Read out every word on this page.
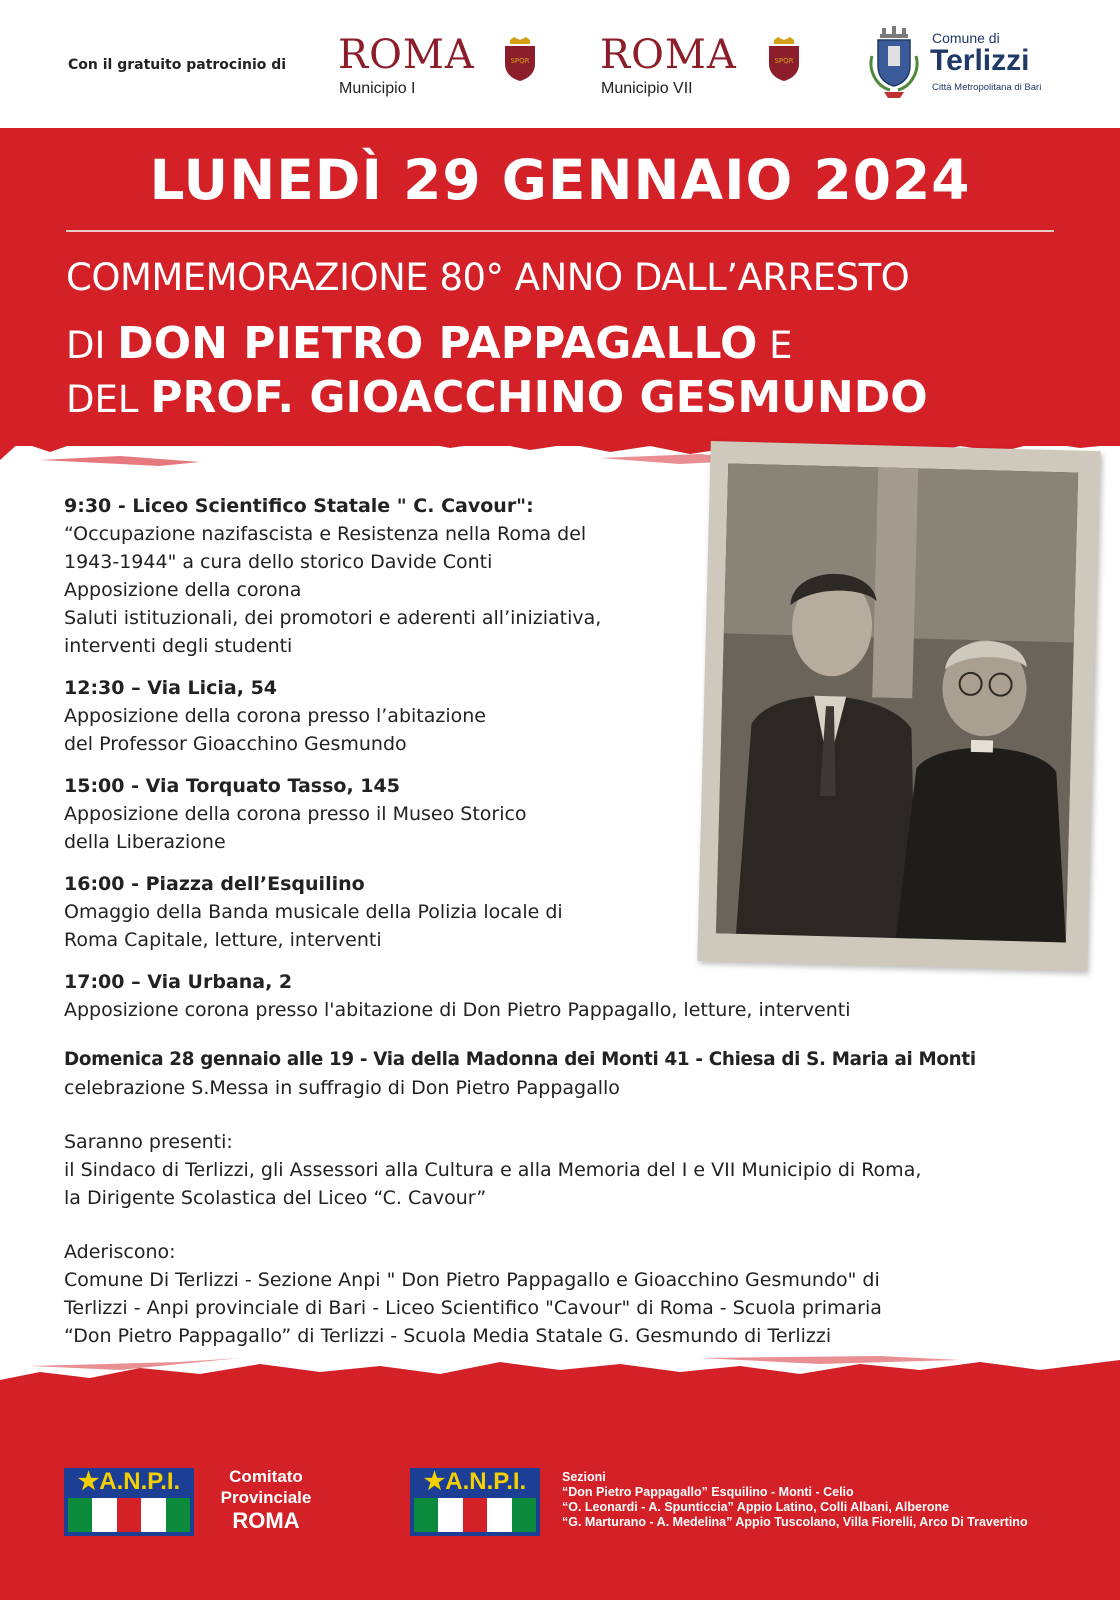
Con il gratuito patrocinio di ROMA
Municipio I
SPQR ROMA
Municipio VII
SPQR
Comune di
Terlizzi
Città Metropolitana di Bari
LUNEDÌ 29 GENNAIO 2024
COMMEMORAZIONE 80° ANNO DALL’ARRESTO
DI DON PIETRO PAPPAGALLO E
DEL PROF. GIOACCHINO GESMUNDO
9:30 - Liceo Scientifico Statale " C. Cavour":
“Occupazione nazifascista e Resistenza nella Roma del
1943-1944" a cura dello storico Davide Conti
Apposizione della corona
Saluti istituzionali, dei promotori e aderenti all’iniziativa,
interventi degli studenti
12:30 – Via Licia, 54
Apposizione della corona presso l’abitazione
del Professor Gioacchino Gesmundo
15:00 - Via Torquato Tasso, 145
Apposizione della corona presso il Museo Storico
della Liberazione
16:00 - Piazza dell’Esquilino
Omaggio della Banda musicale della Polizia locale di
Roma Capitale, letture, interventi
17:00 – Via Urbana, 2
Apposizione corona presso l'abitazione di Don Pietro Pappagallo, letture, interventi
Domenica 28 gennaio alle 19 - Via della Madonna dei Monti 41 - Chiesa di S. Maria ai Monti
celebrazione S.Messa in suffragio di Don Pietro Pappagallo
Saranno presenti:
il Sindaco di Terlizzi, gli Assessori alla Cultura e alla Memoria del I e VII Municipio di Roma,
la Dirigente Scolastica del Liceo “C. Cavour”
Aderiscono:
Comune Di Terlizzi - Sezione Anpi " Don Pietro Pappagallo e Gioacchino Gesmundo" di
Terlizzi - Anpi provinciale di Bari - Liceo Scientifico "Cavour" di Roma - Scuola primaria
“Don Pietro Pappagallo” di Terlizzi - Scuola Media Statale G. Gesmundo di Terlizzi
★A.N.P.I.	Comitato
Provinciale
ROMA
★A.N.P.I.	Sezioni
“Don Pietro Pappagallo” Esquilino - Monti - Celio
“O. Leonardi - A. Spunticcia” Appio Latino, Colli Albani, Alberone
“G. Marturano - A. Medelina” Appio Tuscolano, Villa Fiorelli, Arco Di Travertino
